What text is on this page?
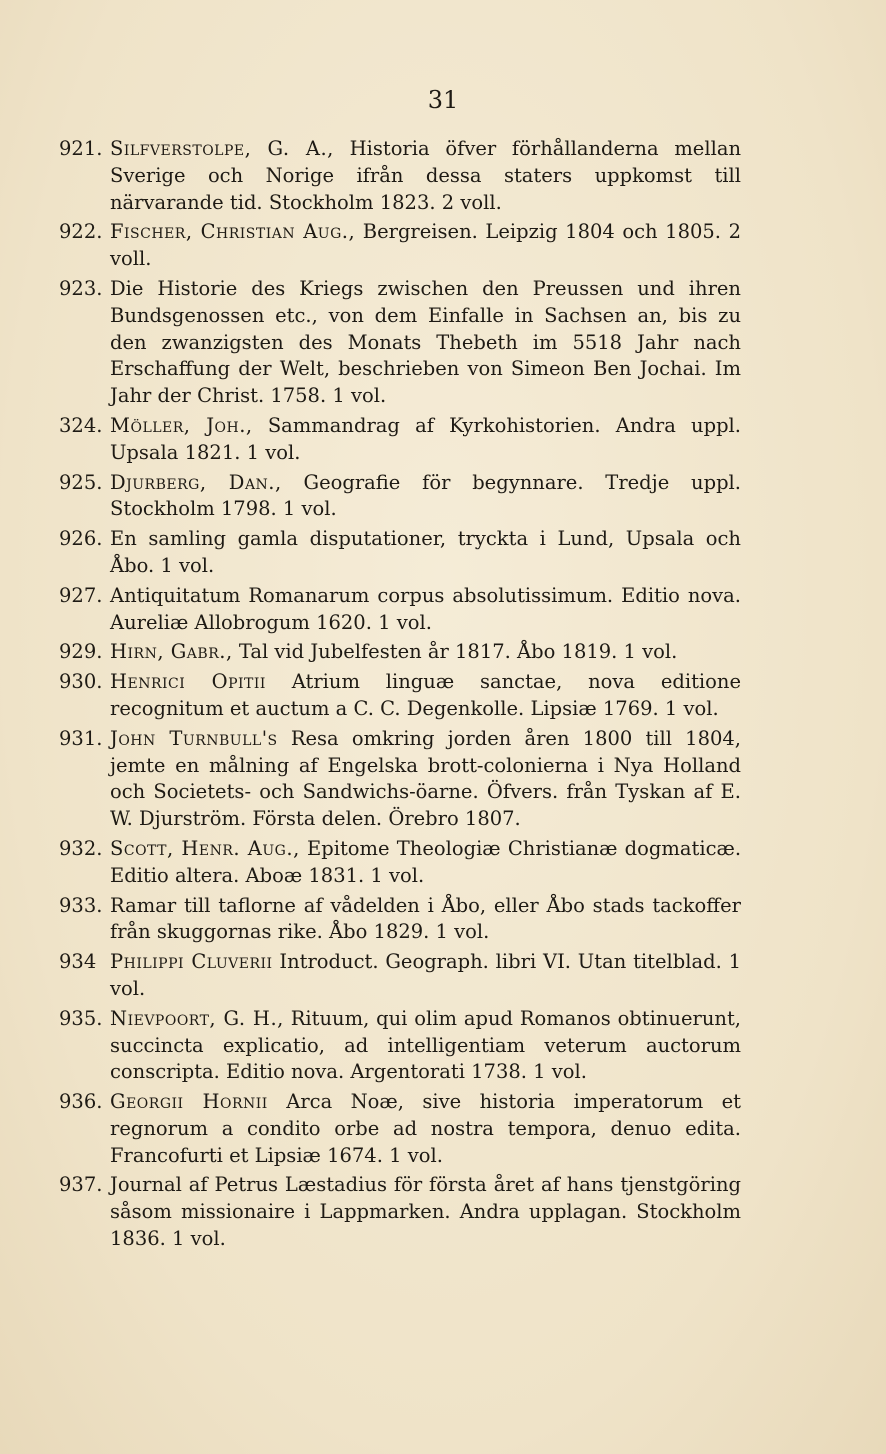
31
921. Silfverstolpe, G. A., Historia öfver förhållanderna mellan Sverige och Norige ifrån dessa staters uppkomst till närvarande tid. Stockholm 1823. 2 voll.
922. Fischer, Christian Aug., Bergreisen. Leipzig 1804 och 1805. 2 voll.
923. Die Historie des Kriegs zwischen den Preussen und ihren Bundsgenossen etc., von dem Einfalle in Sachsen an, bis zu den zwanzigsten des Monats Thebeth im 5518 Jahr nach Erschaffung der Welt, beschrieben von Simeon Ben Jochai. Im Jahr der Christ. 1758. 1 vol.
324. Möller, Joh., Sammandrag af Kyrkohistorien. Andra uppl. Upsala 1821. 1 vol.
925. Djurberg, Dan., Geografie för begynnare. Tredje uppl. Stockholm 1798. 1 vol.
926. En samling gamla disputationer, tryckta i Lund, Upsala och Åbo. 1 vol.
927. Antiquitatum Romanarum corpus absolutissimum. Editio nova. Aureliæ Allobrogum 1620. 1 vol.
929. Hirn, Gabr., Tal vid Jubelfesten år 1817. Åbo 1819. 1 vol.
930. Henrici Opitii Atrium linguæ sanctae, nova editione recognitum et auctum a C. C. Degenkolle. Lipsiæ 1769. 1 vol.
931. John Turnbull's Resa omkring jorden åren 1800 till 1804, jemte en målning af Engelska brott-colonierna i Nya Holland och Societets- och Sandwichs-öarne. Öfvers. från Tyskan af E. W. Djurström. Första delen. Örebro 1807.
932. Scott, Henr. Aug., Epitome Theologiæ Christianæ dogmaticæ. Editio altera. Aboæ 1831. 1 vol.
933. Ramar till taflorne af vådelden i Åbo, eller Åbo stads tackoffer från skuggornas rike. Åbo 1829. 1 vol.
934 Philippi Cluverii Introduct. Geograph. libri VI. Utan titelblad. 1 vol.
935. Nievpoort, G. H., Rituum, qui olim apud Romanos obtinuerunt, succincta explicatio, ad intelligentiam veterum auctorum conscripta. Editio nova. Argentorati 1738. 1 vol.
936. Georgii Hornii Arca Noæ, sive historia imperatorum et regnorum a condito orbe ad nostra tempora, denuo edita. Francofurti et Lipsiæ 1674. 1 vol.
937. Journal af Petrus Læstadius för första året af hans tjenstgöring såsom missionaire i Lappmarken. Andra upplagan. Stockholm 1836. 1 vol.
